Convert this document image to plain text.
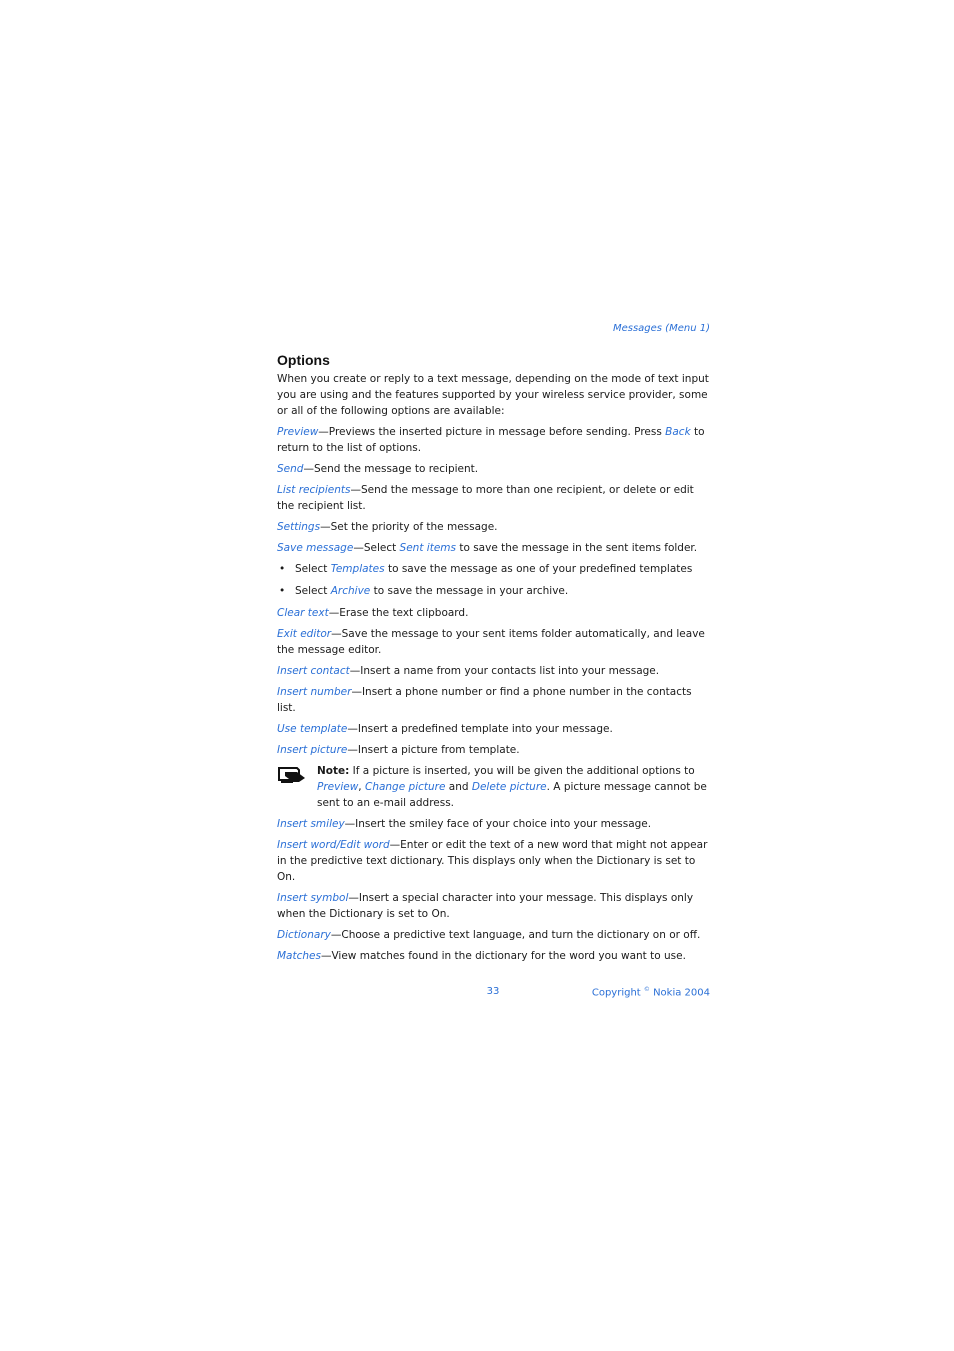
Messages (Menu 1)
Options

When you create or reply to a text message, depending on the mode of text input you are using and the features supported by your wireless service provider, some or all of the following options are available:

Preview—Previews the inserted picture in message before sending. Press Back to return to the list of options.

Send—Send the message to recipient.

List recipients—Send the message to more than one recipient, or delete or edit the recipient list.

Settings—Set the priority of the message.

Save message—Select Sent items to save the message in the sent items folder.

• Select Templates to save the message as one of your predefined templates
• Select Archive to save the message in your archive.

Clear text—Erase the text clipboard.

Exit editor—Save the message to your sent items folder automatically, and leave the message editor.

Insert contact—Insert a name from your contacts list into your message.

Insert number—Insert a phone number or find a phone number in the contacts list.

Use template—Insert a predefined template into your message.

Insert picture—Insert a picture from template.

Note: If a picture is inserted, you will be given the additional options to Preview, Change picture and Delete picture. A picture message cannot be sent to an e-mail address.

Insert smiley—Insert the smiley face of your choice into your message.

Insert word/Edit word—Enter or edit the text of a new word that might not appear in the predictive text dictionary. This displays only when the Dictionary is set to On.

Insert symbol—Insert a special character into your message. This displays only when the Dictionary is set to On.

Dictionary—Choose a predictive text language, and turn the dictionary on or off.

Matches—View matches found in the dictionary for the word you want to use.

33	Copyright © Nokia 2004
